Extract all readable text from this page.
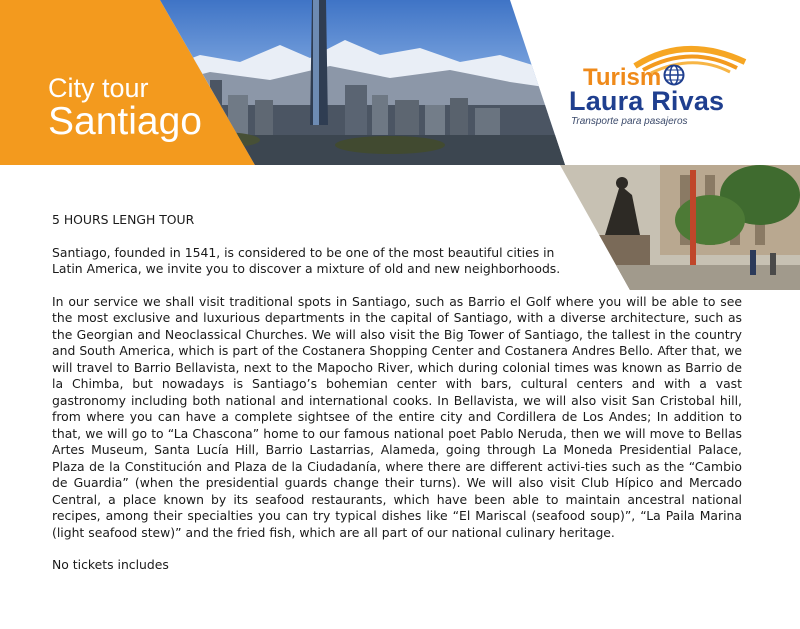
City tour
Santiago
Turism
Laura Rivas
Transporte para pasajeros

5 HOURS LENGH TOUR

Santiago, founded in 1541, is considered to be one of the most beautiful cities in Latin America, we invite you to discover a mixture of old and new neighborhoods.

In our service we shall visit traditional spots in Santiago, such as Barrio el Golf where you will be able to see the most exclusive and luxurious departments in the capital of Santiago, with a diverse architecture, such as the Georgian and Neoclassical Churches. We will also visit the Big Tower of Santiago, the tallest in the country and South America, which is part of the Costanera Shopping Center and Costanera Andres Bello. After that, we will travel to Barrio Bellavista, next to the Mapocho River, which during colonial times was known as Barrio de la Chimba, but nowadays is Santiago’s bohemian center with bars, cultural centers and with a vast gastronomy including both national and international cooks. In Bellavista, we will also visit San Cristobal hill, from where you can have a complete sightsee of the entire city and Cordillera de Los Andes; In addition to that, we will go to “La Chascona” home to our famous national poet Pablo Neruda, then we will move to Bellas Artes Museum, Santa Lucía Hill, Barrio Lastarrias, Alameda, going through La Moneda Presidential Palace, Plaza de la Constitución and Plaza de la Ciudadanía, where there are different activi-ties such as the “Cambio de Guardia” (when the presidential guards change their turns). We will also visit Club Hípico and Mercado Central, a place known by its seafood restaurants, which have been able to maintain ancestral national recipes, among their specialties you can try typical dishes like “El Mariscal (seafood soup)”, “La Paila Marina (light seafood stew)” and the fried fish, which are all part of our national culinary heritage.

No tickets includes
